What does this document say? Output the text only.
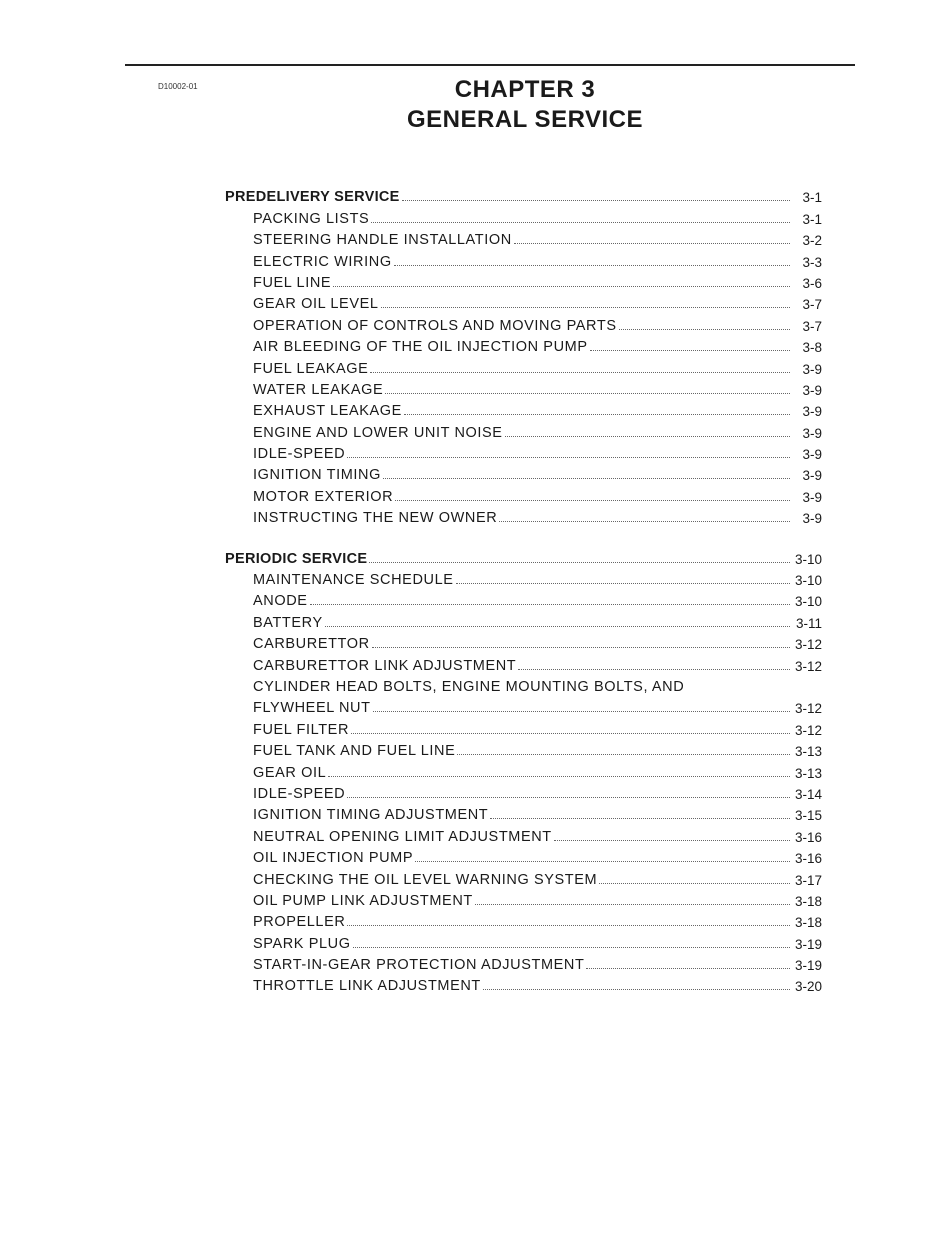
D10002-01	CHAPTER 3
GENERAL SERVICE
PREDELIVERY SERVICE	3-1
PACKING LISTS	3-1
STEERING HANDLE INSTALLATION	3-2
ELECTRIC WIRING	3-3
FUEL LINE	3-6
GEAR OIL LEVEL	3-7
OPERATION OF CONTROLS AND MOVING PARTS	3-7
AIR BLEEDING OF THE OIL INJECTION PUMP	3-8
FUEL LEAKAGE	3-9
WATER LEAKAGE	3-9
EXHAUST LEAKAGE	3-9
ENGINE AND LOWER UNIT NOISE	3-9
IDLE-SPEED	3-9
IGNITION TIMING	3-9
MOTOR EXTERIOR	3-9
INSTRUCTING THE NEW OWNER	3-9
PERIODIC SERVICE	3-10
MAINTENANCE SCHEDULE	3-10
ANODE	3-10
BATTERY	3-11
CARBURETTOR	3-12
CARBURETTOR LINK ADJUSTMENT	3-12
CYLINDER HEAD BOLTS, ENGINE MOUNTING BOLTS, AND
FLYWHEEL NUT	3-12
FUEL FILTER	3-12
FUEL TANK AND FUEL LINE	3-13
GEAR OIL	3-13
IDLE-SPEED	3-14
IGNITION TIMING ADJUSTMENT	3-15
NEUTRAL OPENING LIMIT ADJUSTMENT	3-16
OIL INJECTION PUMP	3-16
CHECKING THE OIL LEVEL WARNING SYSTEM	3-17
OIL PUMP LINK ADJUSTMENT	3-18
PROPELLER	3-18
SPARK PLUG	3-19
START-IN-GEAR PROTECTION ADJUSTMENT	3-19
THROTTLE LINK ADJUSTMENT	3-20
